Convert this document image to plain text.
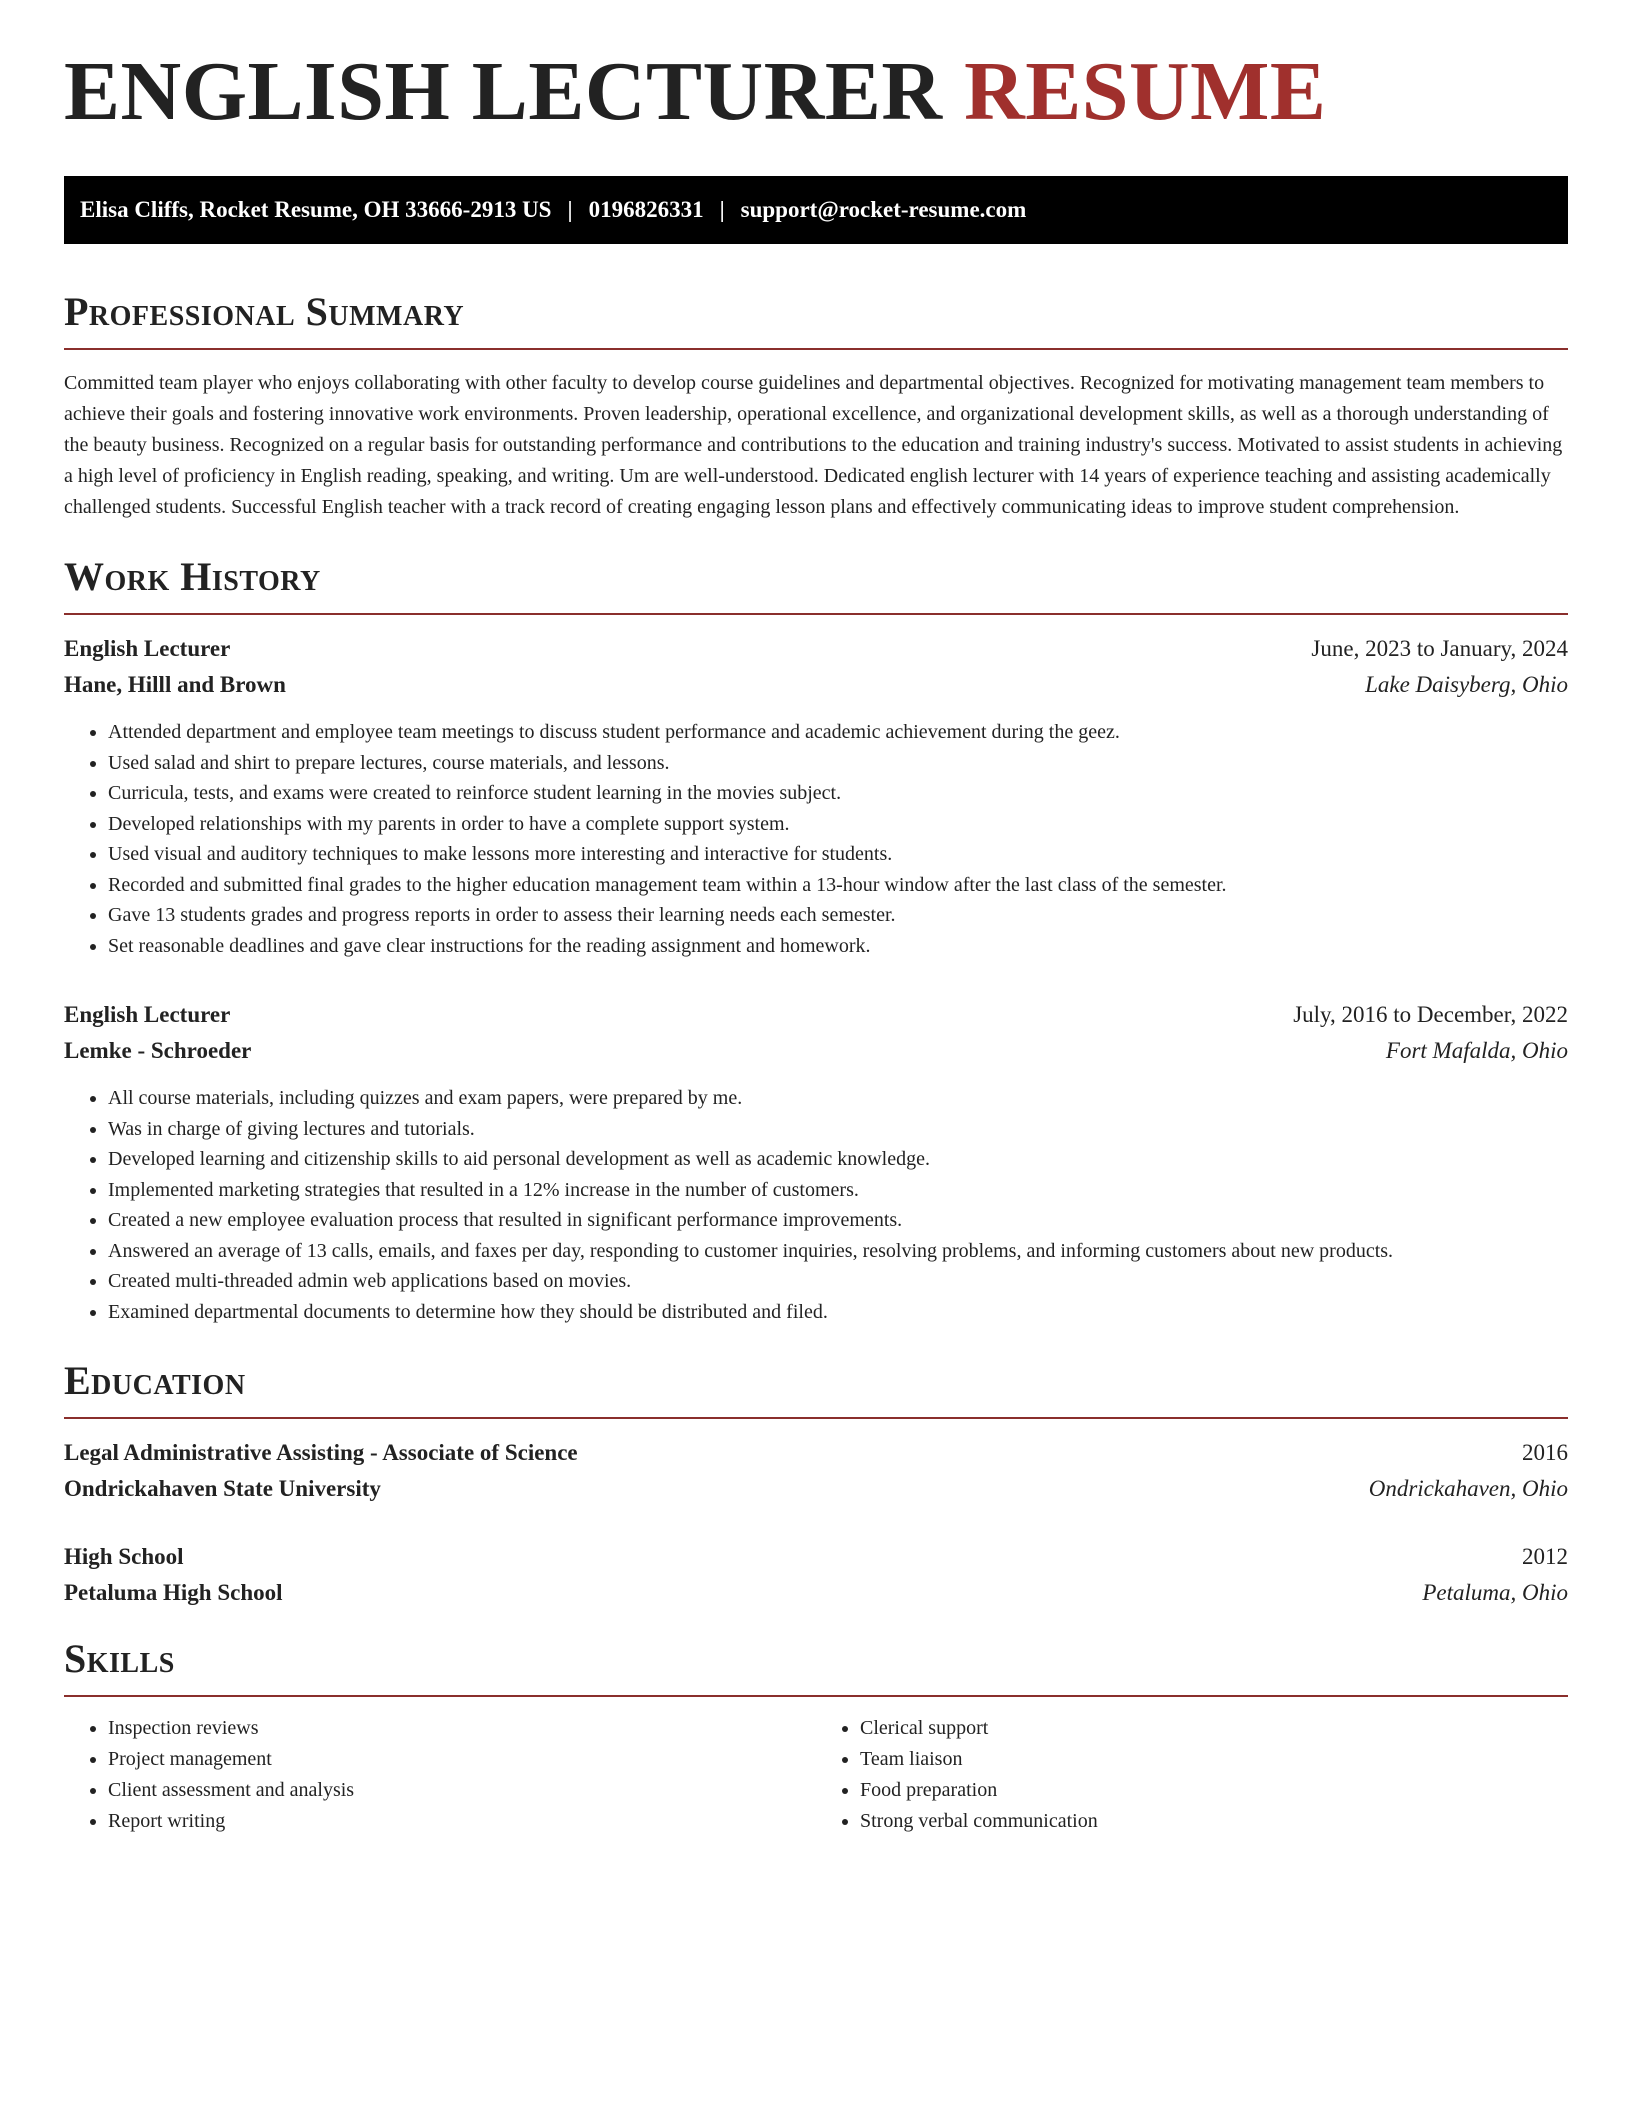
ENGLISH LECTURER RESUME
Elisa Cliffs, Rocket Resume, OH 33666-2913 US | 0196826331 | support@rocket-resume.com
Professional Summary

Committed team player who enjoys collaborating with other faculty to develop course guidelines and departmental objectives. Recognized for motivating management team members to achieve their goals and fostering innovative work environments. Proven leadership, operational excellence, and organizational development skills, as well as a thorough understanding of the beauty business. Recognized on a regular basis for outstanding performance and contributions to the education and training industry's success. Motivated to assist students in achieving a high level of proficiency in English reading, speaking, and writing. Um are well-understood. Dedicated english lecturer with 14 years of experience teaching and assisting academically challenged students. Successful English teacher with a track record of creating engaging lesson plans and effectively communicating ideas to improve student comprehension.

Work History
English Lecturer	June, 2023 to January, 2024
Hane, Hilll and Brown	Lake Daisyberg, Ohio
• Attended department and employee team meetings to discuss student performance and academic achievement during the geez.
• Used salad and shirt to prepare lectures, course materials, and lessons.
• Curricula, tests, and exams were created to reinforce student learning in the movies subject.
• Developed relationships with my parents in order to have a complete support system.
• Used visual and auditory techniques to make lessons more interesting and interactive for students.
• Recorded and submitted final grades to the higher education management team within a 13-hour window after the last class of the semester.
• Gave 13 students grades and progress reports in order to assess their learning needs each semester.
• Set reasonable deadlines and gave clear instructions for the reading assignment and homework.
English Lecturer	July, 2016 to December, 2022
Lemke - Schroeder	Fort Mafalda, Ohio
• All course materials, including quizzes and exam papers, were prepared by me.
• Was in charge of giving lectures and tutorials.
• Developed learning and citizenship skills to aid personal development as well as academic knowledge.
• Implemented marketing strategies that resulted in a 12% increase in the number of customers.
• Created a new employee evaluation process that resulted in significant performance improvements.
• Answered an average of 13 calls, emails, and faxes per day, responding to customer inquiries, resolving problems, and informing customers about new products.
• Created multi-threaded admin web applications based on movies.
• Examined departmental documents to determine how they should be distributed and filed.
Education
Legal Administrative Assisting - Associate of Science	2016
Ondrickahaven State University	Ondrickahaven, Ohio
High School	2012
Petaluma High School	Petaluma, Ohio
Skills
• Inspection reviews
• Project management
• Client assessment and analysis
• Report writing
• Clerical support
• Team liaison
• Food preparation
• Strong verbal communication
